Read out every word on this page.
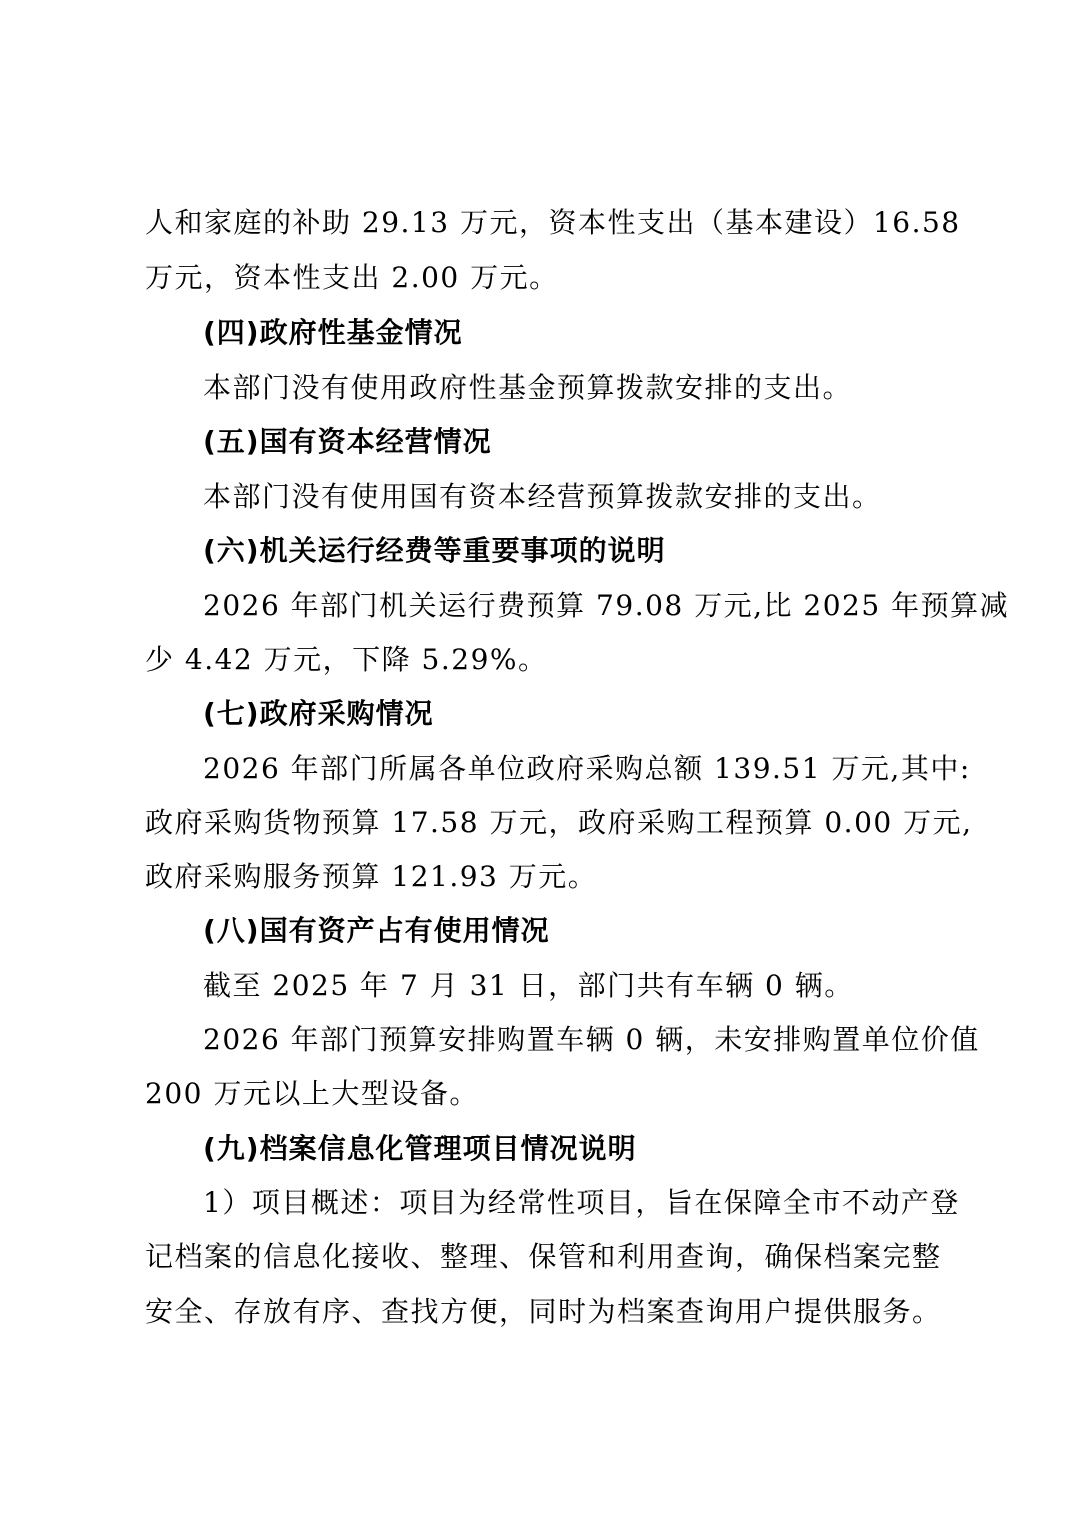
人和家庭的补助 29.13 万元，资本性支出（基本建设）16.58
万元，资本性支出 2.00 万元。
(四)政府性基金情况
本部门没有使用政府性基金预算拨款安排的支出。
(五)国有资本经营情况
本部门没有使用国有资本经营预算拨款安排的支出。
(六)机关运行经费等重要事项的说明
2026 年部门机关运行费预算 79.08 万元,比 2025 年预算减
少 4.42 万元，下降 5.29%。
(七)政府采购情况
2026 年部门所属各单位政府采购总额 139.51 万元,其中:
政府采购货物预算 17.58 万元，政府采购工程预算 0.00 万元,
政府采购服务预算 121.93 万元。
(八)国有资产占有使用情况
截至 2025 年 7 月 31 日，部门共有车辆 0 辆。
2026 年部门预算安排购置车辆 0 辆，未安排购置单位价值
200 万元以上大型设备。
(九)档案信息化管理项目情况说明
1）项目概述：项目为经常性项目，旨在保障全市不动产登
记档案的信息化接收、整理、保管和利用查询，确保档案完整
安全、存放有序、查找方便，同时为档案查询用户提供服务。
